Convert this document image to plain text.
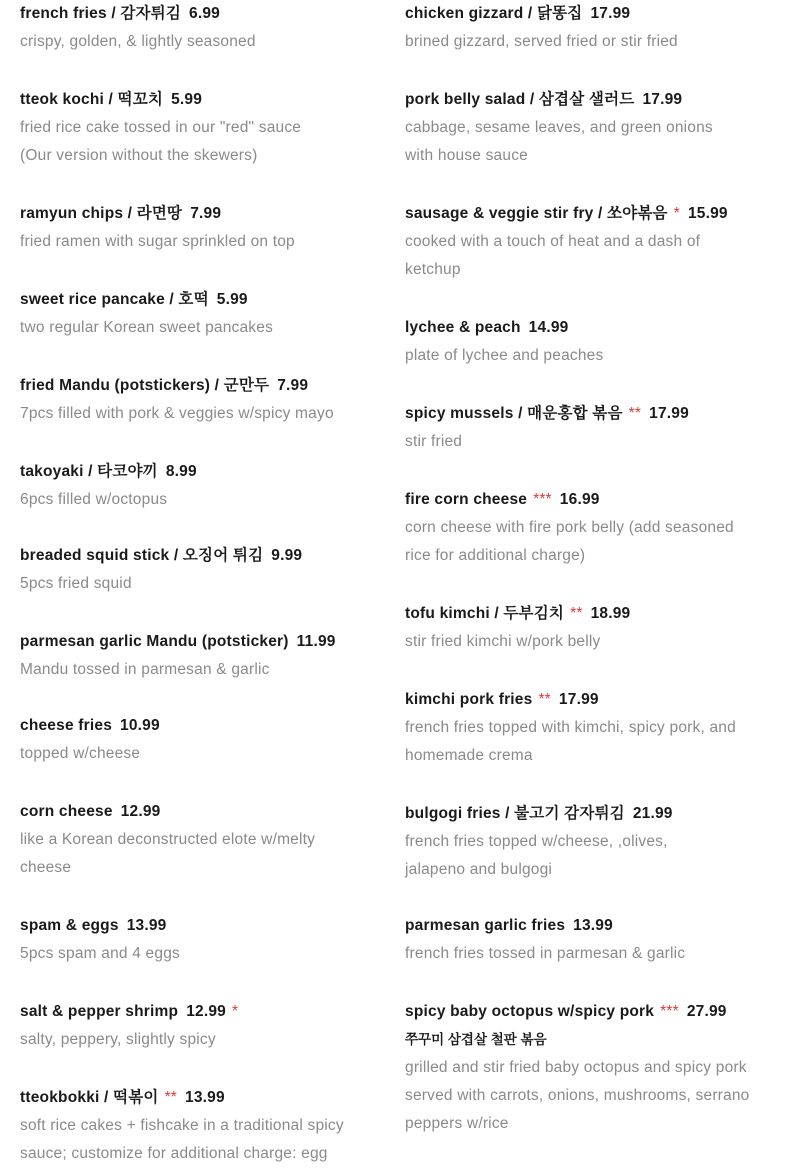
french fries / 감자튀김 6.99
crispy, golden, & lightly seasoned
tteok kochi / 떡꼬치 5.99
fried rice cake tossed in our "red" sauce
(Our version without the skewers)
ramyun chips / 라면땅 7.99
fried ramen with sugar sprinkled on top
sweet rice pancake / 호떡 5.99
two regular Korean sweet pancakes
fried Mandu (potstickers) / 군만두 7.99
7pcs filled with pork & veggies w/spicy mayo
takoyaki / 타코야끼 8.99
6pcs filled w/octopus
breaded squid stick / 오징어 튀김 9.99
5pcs fried squid
parmesan garlic Mandu (potsticker) 11.99
Mandu tossed in parmesan & garlic
cheese fries 10.99
topped w/cheese
corn cheese 12.99
like a Korean deconstructed elote w/melty
cheese
spam & eggs 13.99
5pcs spam and 4 eggs
salt & pepper shrimp 12.99 *
salty, peppery, slightly spicy
tteokbokki / 떡볶이 ** 13.99
soft rice cakes + fishcake in a traditional spicy
sauce; customize for additional charge: egg
chicken gizzard / 닭똥집 17.99
brined gizzard, served fried or stir fried
pork belly salad / 삼겹살 샐러드 17.99
cabbage, sesame leaves, and green onions
with house sauce
sausage & veggie stir fry / 쏘야볶음 * 15.99
cooked with a touch of heat and a dash of
ketchup
lychee & peach 14.99
plate of lychee and peaches
spicy mussels / 매운홍합 볶음 ** 17.99
stir fried
fire corn cheese *** 16.99
corn cheese with fire pork belly (add seasoned
rice for additional charge)
tofu kimchi / 두부김치 ** 18.99
stir fried kimchi w/pork belly
kimchi pork fries ** 17.99
french fries topped with kimchi, spicy pork, and
homemade crema
bulgogi fries / 불고기 감자튀김 21.99
french fries topped w/cheese, ,olives,
jalapeno and bulgogi
parmesan garlic fries 13.99
french fries tossed in parmesan & garlic
spicy baby octopus w/spicy pork *** 27.99
쭈꾸미 삼겹살 철판 볶음
grilled and stir fried baby octopus and spicy pork
served with carrots, onions, mushrooms, serrano
peppers w/rice
